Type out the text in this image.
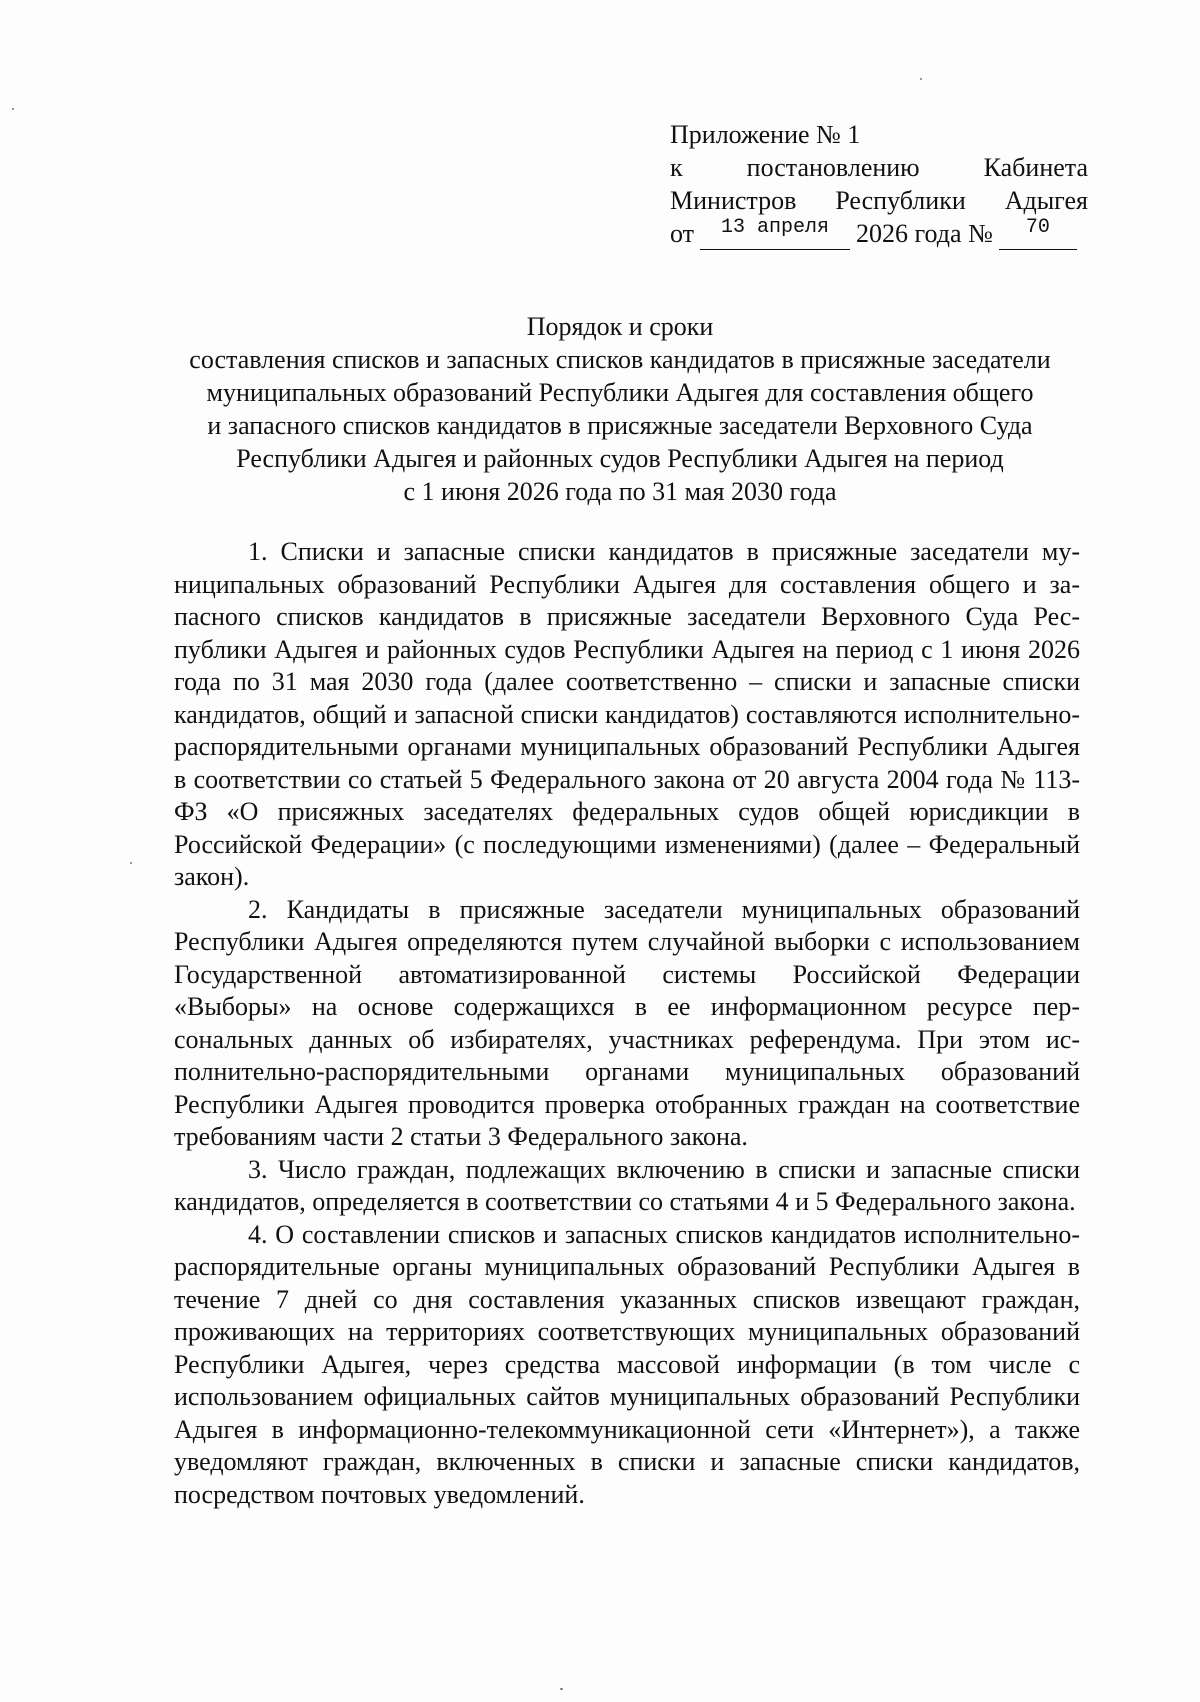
Приложение № 1
к постановлению Кабинета
Министров Республики Адыгея
от	13 апреля	2026 года №	70
Порядок и сроки
составления списков и запасных списков кандидатов в присяжные заседатели
муниципальных образований Республики Адыгея для составления общего
и запасного списков кандидатов в присяжные заседатели Верховного Суда
Республики Адыгея и районных судов Республики Адыгея на период
с 1 июня 2026 года по 31 мая 2030 года

1. Списки и запасные списки кандидатов в присяжные заседатели муниципальных образований Республики Адыгея для составления общего и запасного списков кандидатов в присяжные заседатели Верховного Суда Республики Адыгея и районных судов Республики Адыгея на период с 1 июня 2026 года по 31 мая 2030 года (далее соответственно – списки и запасные списки кандидатов, общий и запасной списки кандидатов) составляются исполнительно-распорядительными органами муниципальных образований Республики Адыгея в соответствии со статьей 5 Федерального закона от 20 августа 2004 года № 113-ФЗ «О присяжных заседателях федеральных судов общей юрисдикции в Российской Федерации» (с последующими изменениями) (далее – Федеральный закон).

2. Кандидаты в присяжные заседатели муниципальных образований Республики Адыгея определяются путем случайной выборки с использованием Государственной автоматизированной системы Российской Федерации «Выборы» на основе содержащихся в ее информационном ресурсе персональных данных об избирателях, участниках референдума. При этом исполнительно-распорядительными органами муниципальных образований Республики Адыгея проводится проверка отобранных граждан на соответствие требованиям части 2 статьи 3 Федерального закона.

3. Число граждан, подлежащих включению в списки и запасные списки кандидатов, определяется в соответствии со статьями 4 и 5 Федерального закона.

4. О составлении списков и запасных списков кандидатов исполнительно-распорядительные органы муниципальных образований Республики Адыгея в течение 7 дней со дня составления указанных списков извещают граждан, проживающих на территориях соответствующих муниципальных образований Республики Адыгея, через средства массовой информации (в том числе с использованием официальных сайтов муниципальных образований Республики Адыгея в информационно-телекоммуникационной сети «Интернет»), а также уведомляют граждан, включенных в списки и запасные списки кандидатов, посредством почтовых уведомлений.
